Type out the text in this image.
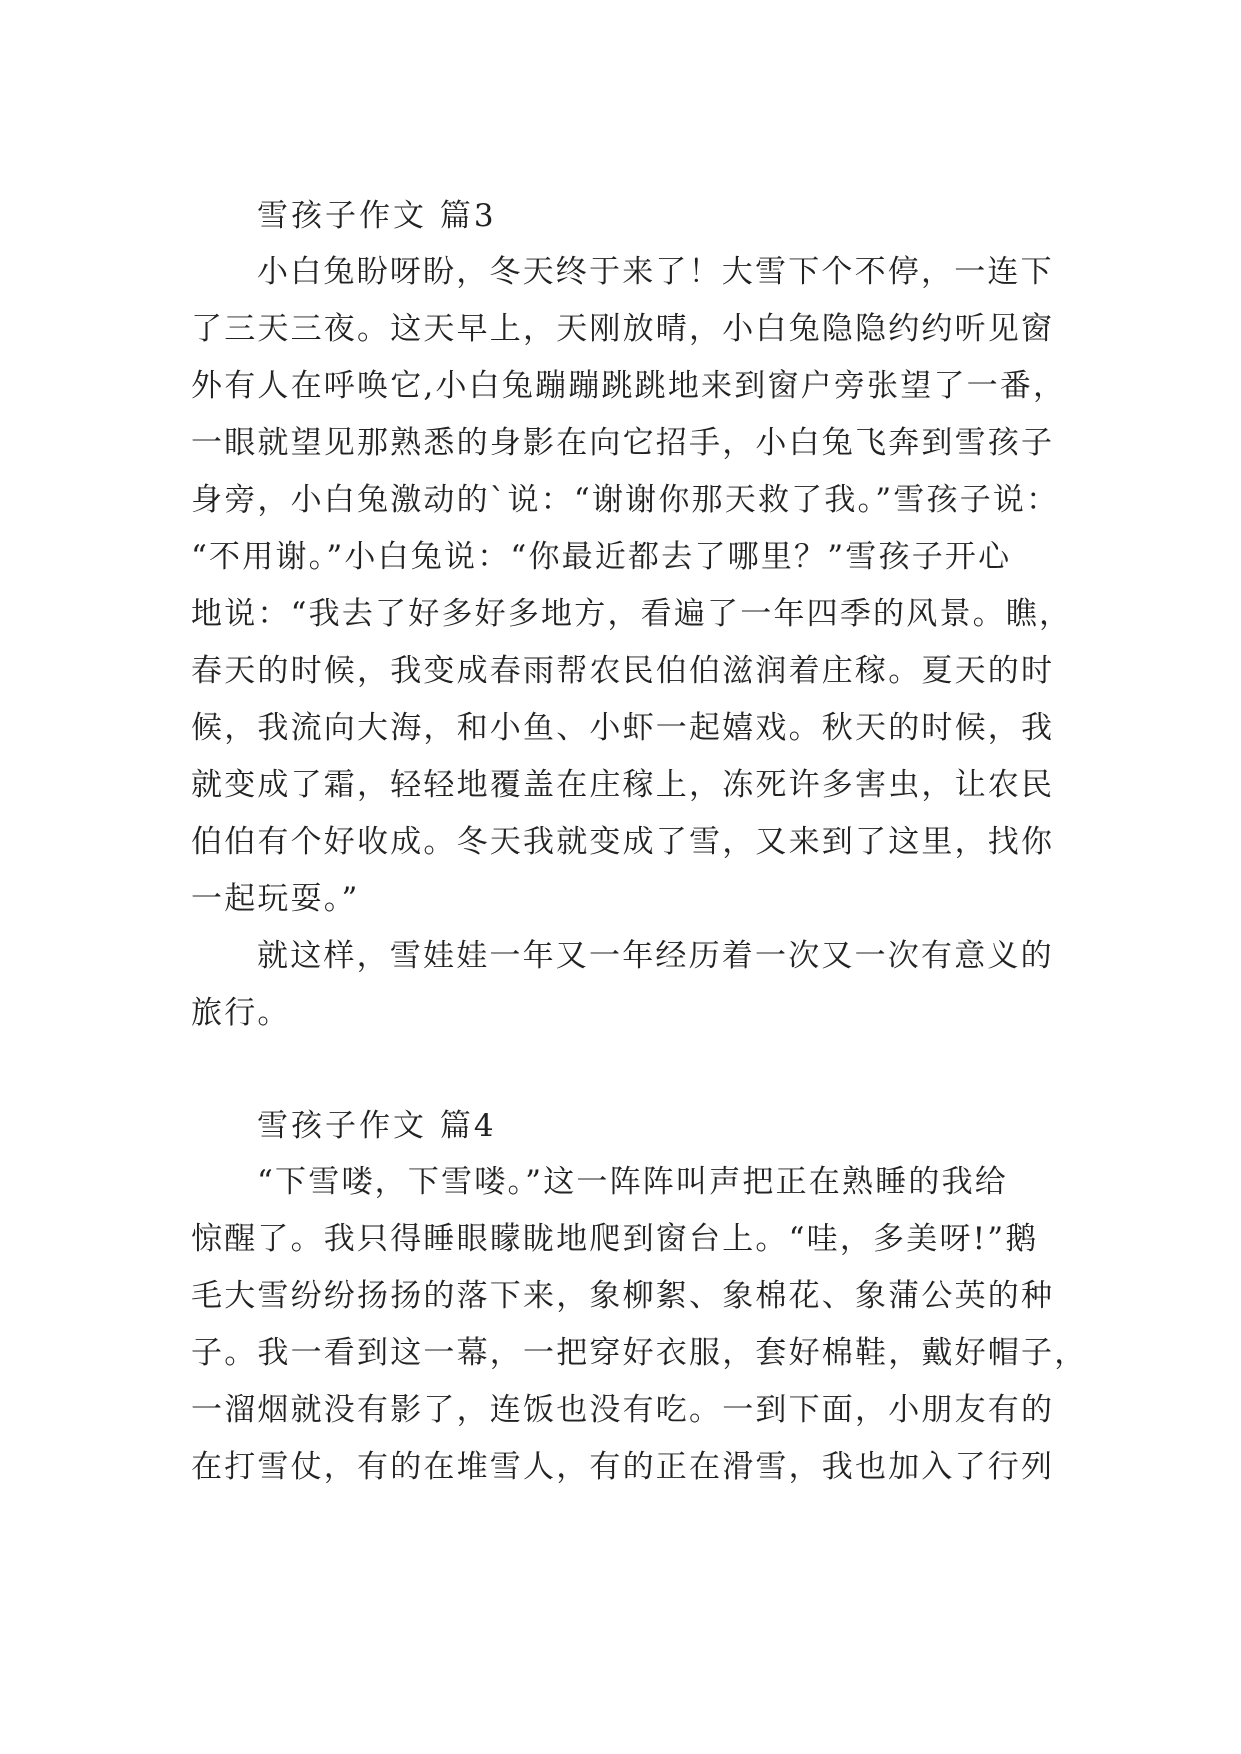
雪孩子作文 篇3
小白兔盼呀盼，冬天终于来了！大雪下个不停，一连下
了三天三夜。这天早上，天刚放晴，小白兔隐隐约约听见窗
外有人在呼唤它,小白兔蹦蹦跳跳地来到窗户旁张望了一番，
一眼就望见那熟悉的身影在向它招手，小白兔飞奔到雪孩子
身旁，小白兔激动的`说：“谢谢你那天救了我。”雪孩子说：
“不用谢。”小白兔说：“你最近都去了哪里？”雪孩子开心
地说：“我去了好多好多地方，看遍了一年四季的风景。瞧，
春天的时候，我变成春雨帮农民伯伯滋润着庄稼。夏天的时
候，我流向大海，和小鱼、小虾一起嬉戏。秋天的时候，我
就变成了霜，轻轻地覆盖在庄稼上，冻死许多害虫，让农民
伯伯有个好收成。冬天我就变成了雪，又来到了这里，找你
一起玩耍。”
就这样，雪娃娃一年又一年经历着一次又一次有意义的
旅行。
雪孩子作文 篇4
“下雪喽，下雪喽。”这一阵阵叫声把正在熟睡的我给
惊醒了。我只得睡眼矇眬地爬到窗台上。“哇，多美呀!”鹅
毛大雪纷纷扬扬的落下来，象柳絮、象棉花、象蒲公英的种
子。我一看到这一幕，一把穿好衣服，套好棉鞋，戴好帽子，
一溜烟就没有影了，连饭也没有吃。一到下面，小朋友有的
在打雪仗，有的在堆雪人，有的正在滑雪，我也加入了行列
